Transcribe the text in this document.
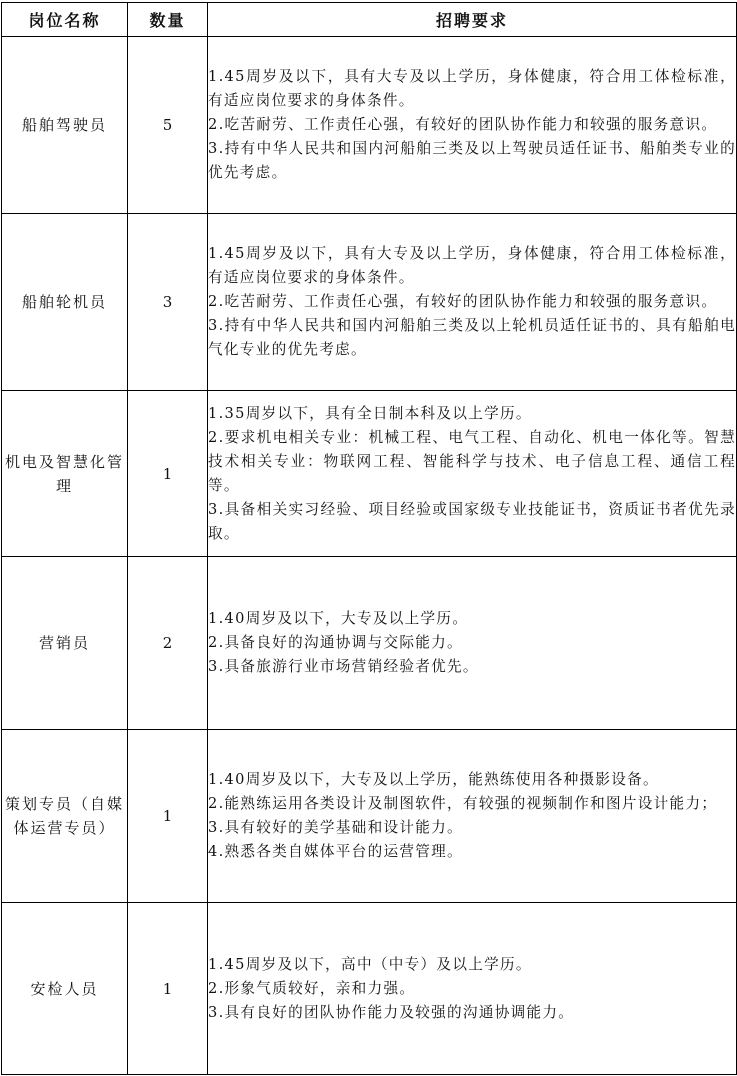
岗位名称	数量	招聘要求
船舶驾驶员	5	1.45周岁及以下，具有大专及以上学历，身体健康，符合用工体检标准，有适应岗位要求的身体条件。
2.吃苦耐劳、工作责任心强，有较好的团队协作能力和较强的服务意识。
3.持有中华人民共和国内河船舶三类及以上驾驶员适任证书、船舶类专业的优先考虑。

船舶轮机员	3	1.45周岁及以下，具有大专及以上学历，身体健康，符合用工体检标准，有适应岗位要求的身体条件。
2.吃苦耐劳、工作责任心强，有较好的团队协作能力和较强的服务意识。
3.持有中华人民共和国内河船舶三类及以上轮机员适任证书的、具有船舶电气化专业的优先考虑。

机电及智慧化管理	1	1.35周岁以下，具有全日制本科及以上学历。
2.要求机电相关专业：机械工程、电气工程、自动化、机电一体化等。智慧技术相关专业：物联网工程、智能科学与技术、电子信息工程、通信工程等。
3.具备相关实习经验、项目经验或国家级专业技能证书，资质证书者优先录取。

营销员	2	1.40周岁及以下，大专及以上学历。
2.具备良好的沟通协调与交际能力。
3.具备旅游行业市场营销经验者优先。

策划专员（自媒体运营专员）	1	1.40周岁及以下，大专及以上学历，能熟练使用各种摄影设备。
2.能熟练运用各类设计及制图软件，有较强的视频制作和图片设计能力；
3.具有较好的美学基础和设计能力。
4.熟悉各类自媒体平台的运营管理。

安检人员	1	1.45周岁及以下，高中（中专）及以上学历。
2.形象气质较好，亲和力强。
3.具有良好的团队协作能力及较强的沟通协调能力。
